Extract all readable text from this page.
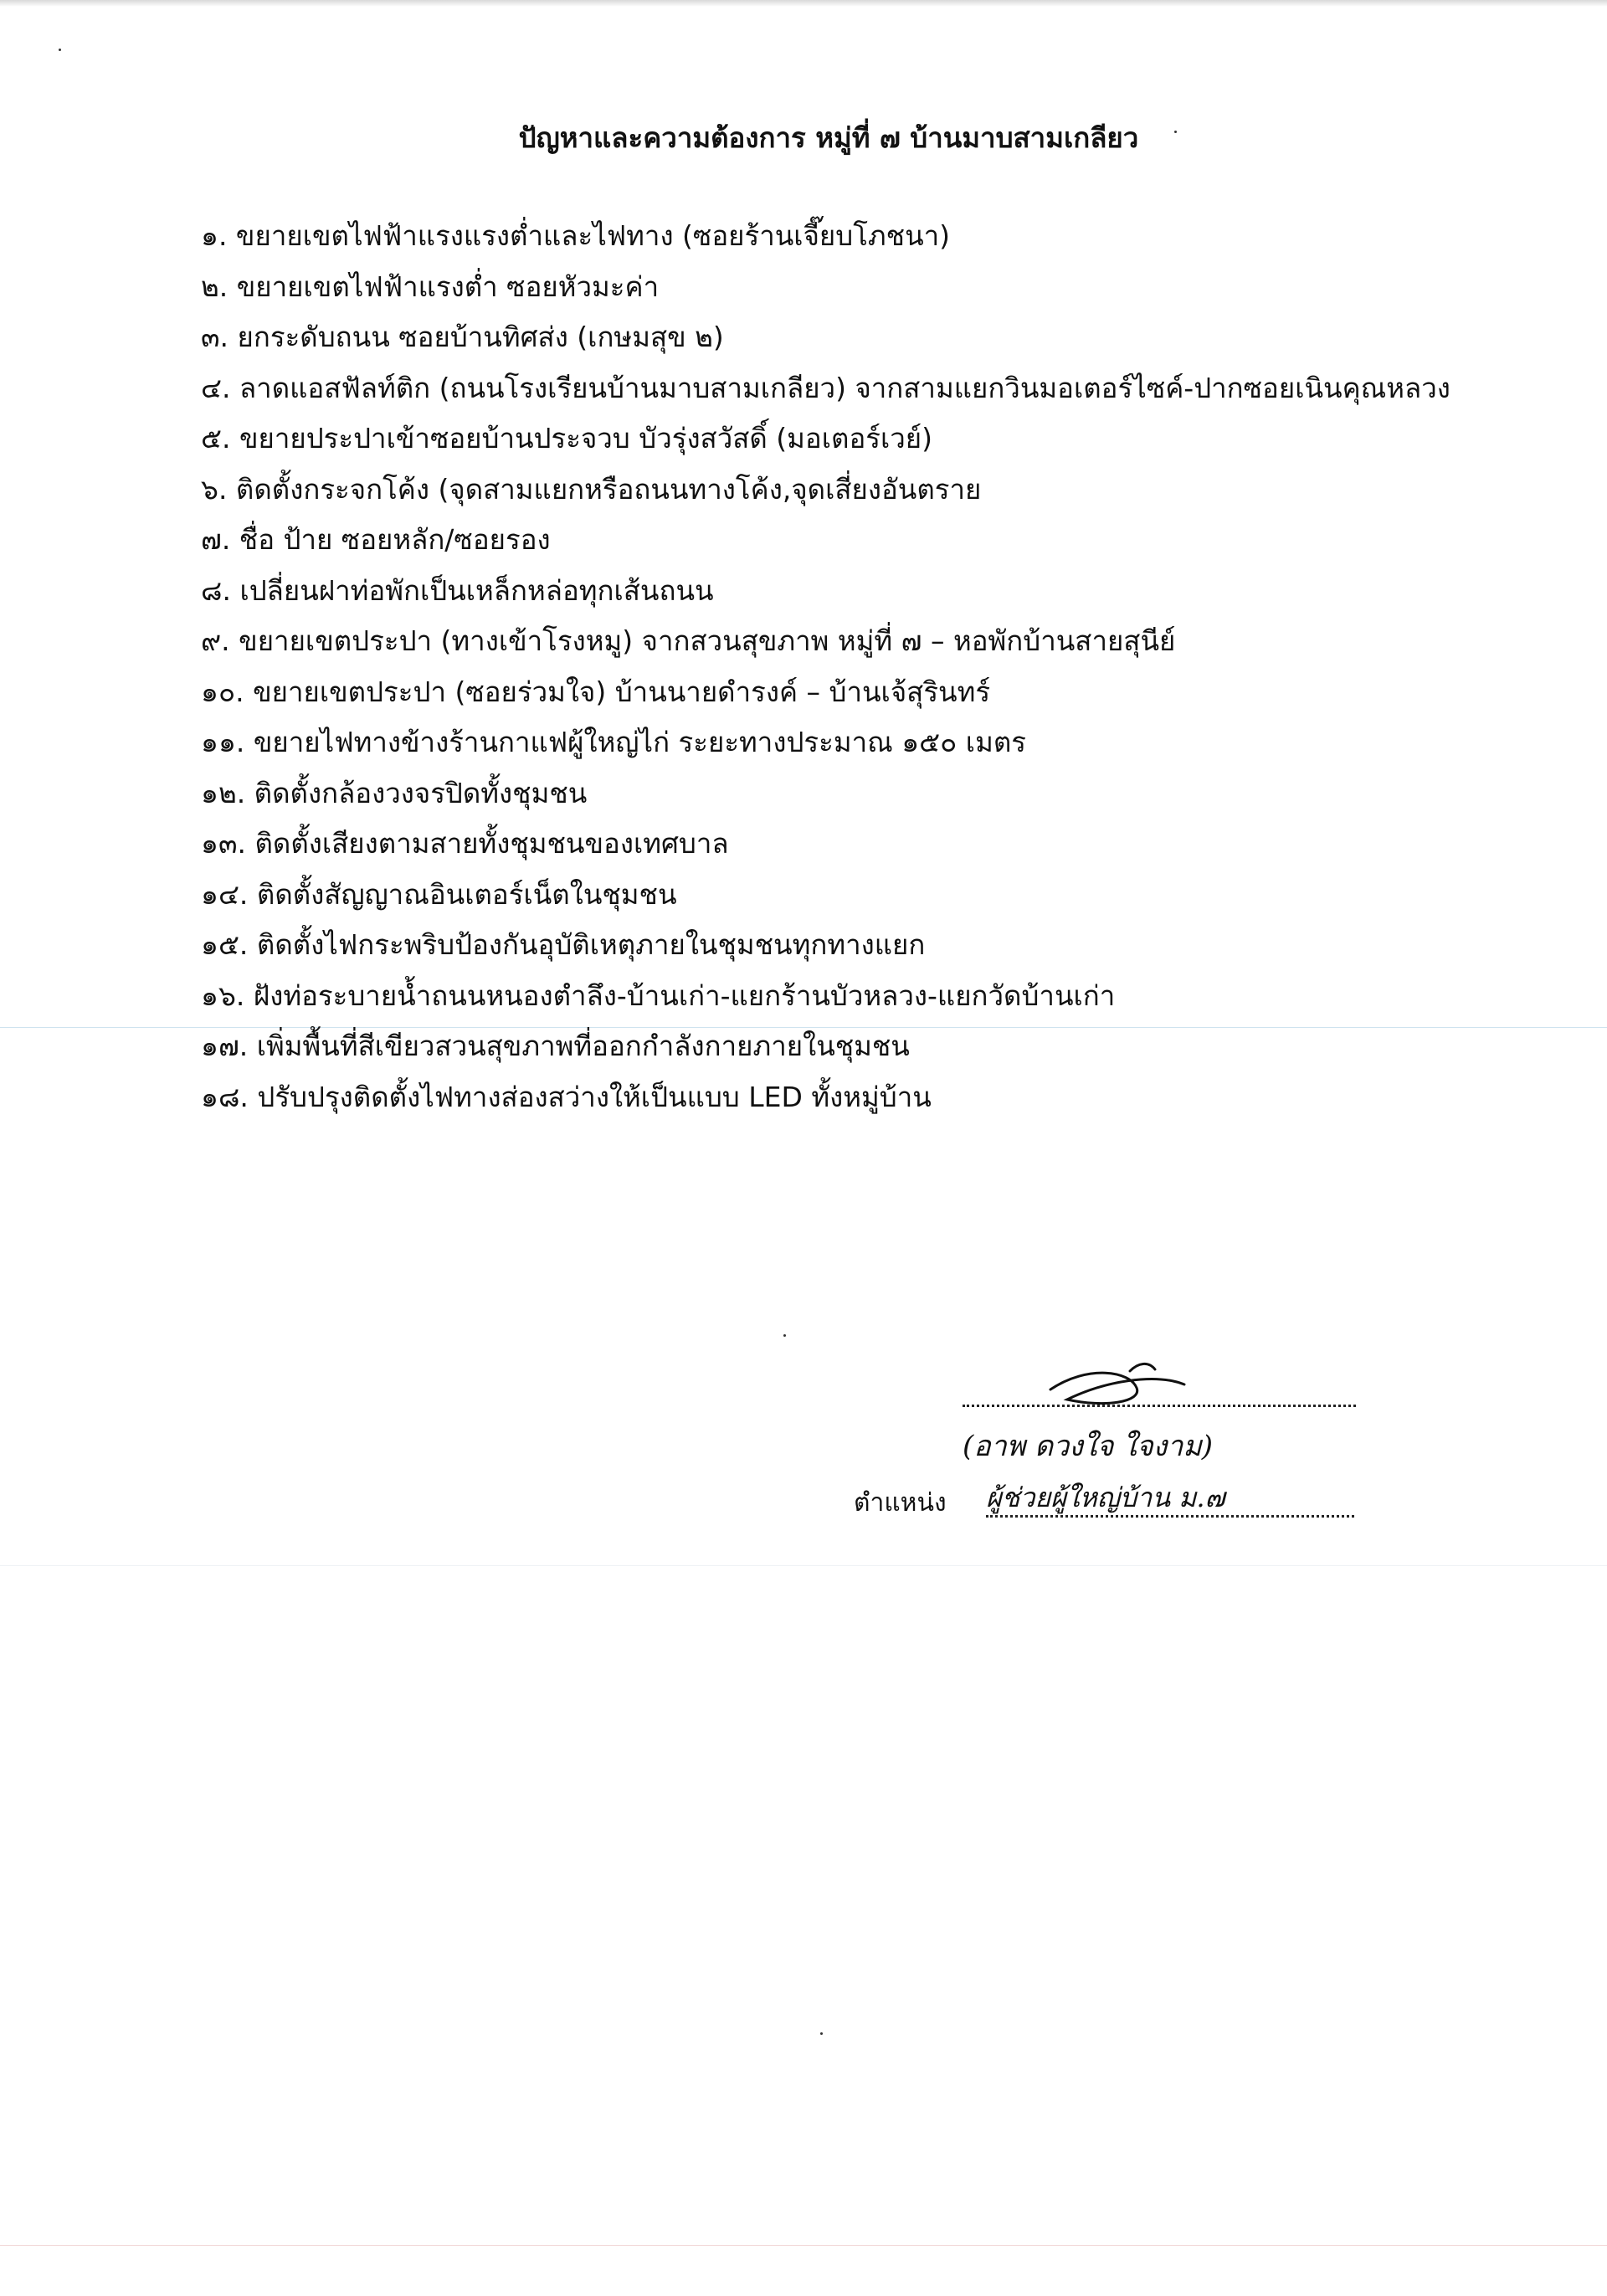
ปัญหาและความต้องการ หมู่ที่ ๗ บ้านมาบสามเกลียว
๑. ขยายเขตไฟฟ้าแรงแรงต่ำและไฟทาง (ซอยร้านเจี๊ยบโภชนา)
๒. ขยายเขตไฟฟ้าแรงต่ำ ซอยหัวมะค่า
๓. ยกระดับถนน ซอยบ้านทิศส่ง (เกษมสุข ๒)
๔. ลาดแอสฟัลท์ติก (ถนนโรงเรียนบ้านมาบสามเกลียว) จากสามแยกวินมอเตอร์ไซค์-ปากซอยเนินคุณหลวง
๕. ขยายประปาเข้าซอยบ้านประจวบ บัวรุ่งสวัสดิ์ (มอเตอร์เวย์)
๖. ติดตั้งกระจกโค้ง (จุดสามแยกหรือถนนทางโค้ง,จุดเสี่ยงอันตราย
๗. ชื่อ ป้าย ซอยหลัก/ซอยรอง
๘. เปลี่ยนฝาท่อพักเป็นเหล็กหล่อทุกเส้นถนน
๙. ขยายเขตประปา (ทางเข้าโรงหมู) จากสวนสุขภาพ หมู่ที่ ๗ – หอพักบ้านสายสุนีย์
๑๐. ขยายเขตประปา (ซอยร่วมใจ) บ้านนายดำรงค์ – บ้านเจ้สุรินทร์
๑๑. ขยายไฟทางข้างร้านกาแฟผู้ใหญ่ไก่ ระยะทางประมาณ ๑๕๐ เมตร
๑๒. ติดตั้งกล้องวงจรปิดทั้งชุมชน
๑๓. ติดตั้งเสียงตามสายทั้งชุมชนของเทศบาล
๑๔. ติดตั้งสัญญาณอินเตอร์เน็ตในชุมชน
๑๕. ติดตั้งไฟกระพริบป้องกันอุบัติเหตุภายในชุมชนทุกทางแยก
๑๖. ฝังท่อระบายน้ำถนนหนองตำลึง-บ้านเก่า-แยกร้านบัวหลวง-แยกวัดบ้านเก่า
๑๗. เพิ่มพื้นที่สีเขียวสวนสุขภาพที่ออกกำลังกายภายในชุมชน
๑๘. ปรับปรุงติดตั้งไฟทางส่องสว่างให้เป็นแบบ LED ทั้งหมู่บ้าน
(อาพ ดวงใจ ใจงาม)
ตำแหน่ง ผู้ช่วยผู้ใหญ่บ้าน ม.๗
